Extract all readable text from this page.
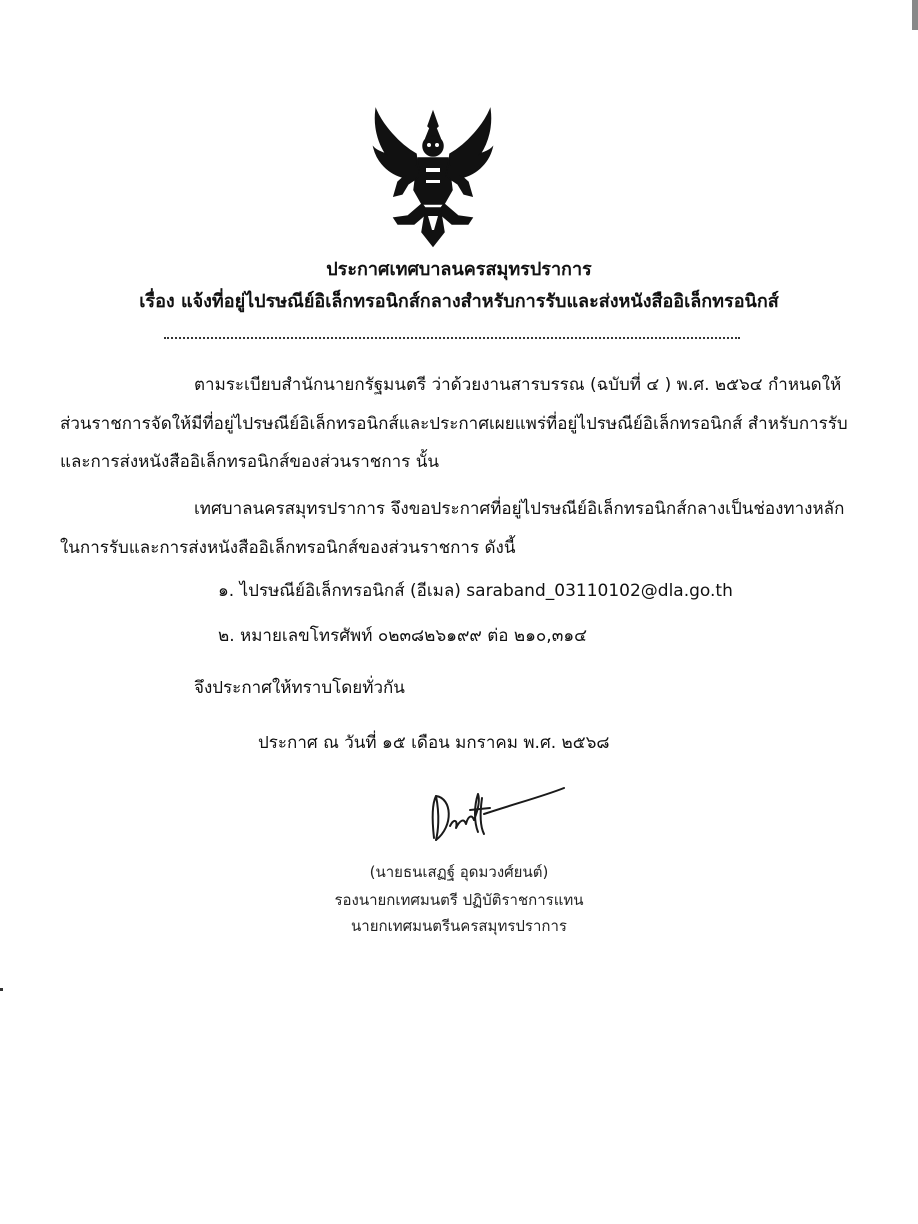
ประกาศเทศบาลนครสมุทรปราการ
เรื่อง แจ้งที่อยู่ไปรษณีย์อิเล็กทรอนิกส์กลางสำหรับการรับและส่งหนังสืออิเล็กทรอนิกส์
ตามระเบียบสำนักนายกรัฐมนตรี ว่าด้วยงานสารบรรณ (ฉบับที่ ๔ ) พ.ศ. ๒๕๖๔ กำหนดให้
ส่วนราชการจัดให้มีที่อยู่ไปรษณีย์อิเล็กทรอนิกส์และประกาศเผยแพร่ที่อยู่ไปรษณีย์อิเล็กทรอนิกส์ สำหรับการรับ
และการส่งหนังสืออิเล็กทรอนิกส์ของส่วนราชการ นั้น
เทศบาลนครสมุทรปราการ จึงขอประกาศที่อยู่ไปรษณีย์อิเล็กทรอนิกส์กลางเป็นช่องทางหลัก
ในการรับและการส่งหนังสืออิเล็กทรอนิกส์ของส่วนราชการ ดังนี้
๑. ไปรษณีย์อิเล็กทรอนิกส์ (อีเมล) saraband_03110102@dla.go.th
๒. หมายเลขโทรศัพท์ ๐๒๓๘๒๖๑๙๙ ต่อ ๒๑๐,๓๑๔
จึงประกาศให้ทราบโดยทั่วกัน
ประกาศ ณ วันที่ ๑๕ เดือน มกราคม พ.ศ. ๒๕๖๘
(นายธนเสฏฐ์ อุดมวงศ์ยนต์)
รองนายกเทศมนตรี ปฏิบัติราชการแทน
นายกเทศมนตรีนครสมุทรปราการ
